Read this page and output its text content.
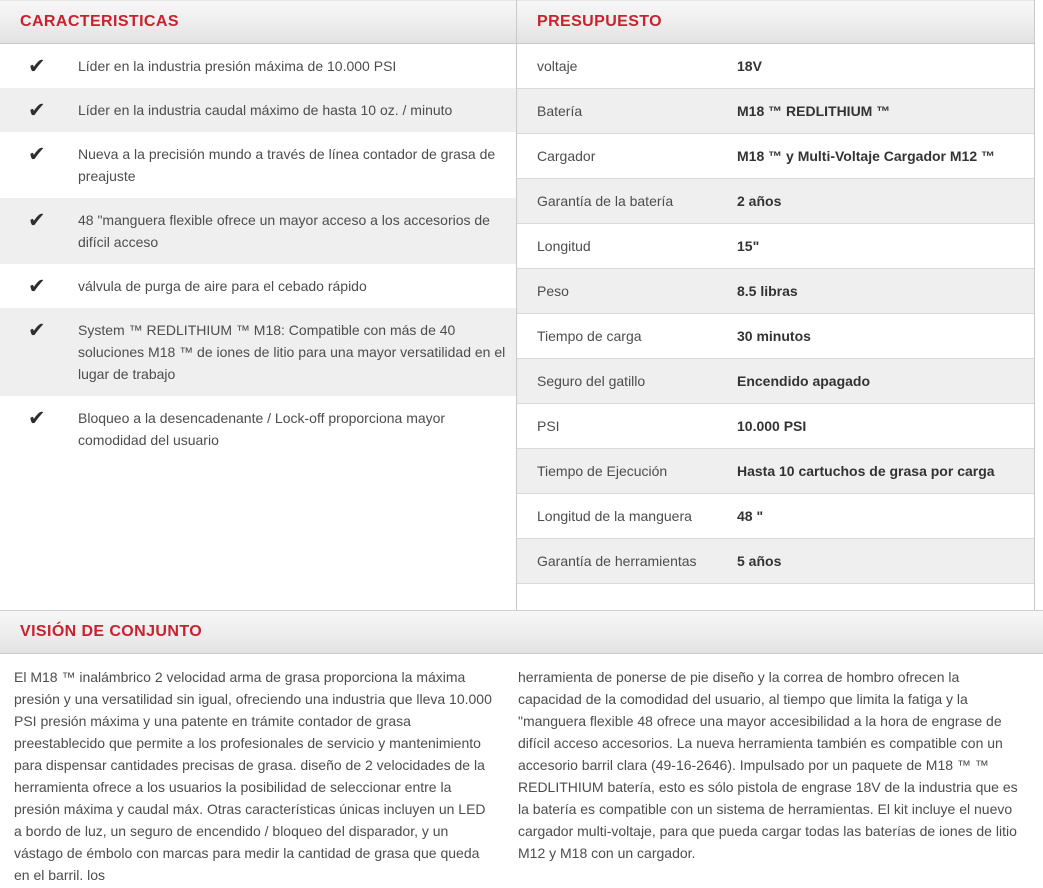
CARACTERISTICAS
✔	Líder en la industria presión máxima de 10.000 PSI
✔	Líder en la industria caudal máximo de hasta 10 oz. / minuto
✔	Nueva a la precisión mundo a través de línea contador de grasa de preajuste
✔	48 "manguera flexible ofrece un mayor acceso a los accesorios de difícil acceso
✔	válvula de purga de aire para el cebado rápido
✔	System ™ REDLITHIUM ™ M18: Compatible con más de 40 soluciones M18 ™ de iones de litio para una mayor versatilidad en el lugar de trabajo
✔	Bloqueo a la desencadenante / Lock-off proporciona mayor comodidad del usuario
PRESUPUESTO
voltaje	18V
Batería	M18 ™ REDLITHIUM ™
Cargador	M18 ™ y Multi-Voltaje Cargador M12 ™
Garantía de la batería	2 años
Longitud	15"
Peso	8.5 libras
Tiempo de carga	30 minutos
Seguro del gatillo	Encendido apagado
PSI	10.000 PSI
Tiempo de Ejecución	Hasta 10 cartuchos de grasa por carga
Longitud de la manguera	48 "
Garantía de herramientas	5 años
VISIÓN DE CONJUNTO

El M18 ™ inalámbrico 2 velocidad arma de grasa proporciona la máxima presión y una versatilidad sin igual, ofreciendo una industria que lleva 10.000 PSI presión máxima y una patente en trámite contador de grasa preestablecido que permite a los profesionales de servicio y mantenimiento para dispensar cantidades precisas de grasa. diseño de 2 velocidades de la herramienta ofrece a los usuarios la posibilidad de seleccionar entre la presión máxima y caudal máx. Otras características únicas incluyen un LED a bordo de luz, un seguro de encendido / bloqueo del disparador, y un vástago de émbolo con marcas para medir la cantidad de grasa que queda en el barril. los

herramienta de ponerse de pie diseño y la correa de hombro ofrecen la capacidad de la comodidad del usuario, al tiempo que limita la fatiga y la "manguera flexible 48 ofrece una mayor accesibilidad a la hora de engrase de difícil acceso accesorios. La nueva herramienta también es compatible con un accesorio barril clara (49-16-2646). Impulsado por un paquete de M18 ™ ™ REDLITHIUM batería, esto es sólo pistola de engrase 18V de la industria que es la batería es compatible con un sistema de herramientas. El kit incluye el nuevo cargador multi-voltaje, para que pueda cargar todas las baterías de iones de litio M12 y M18 con un cargador.
